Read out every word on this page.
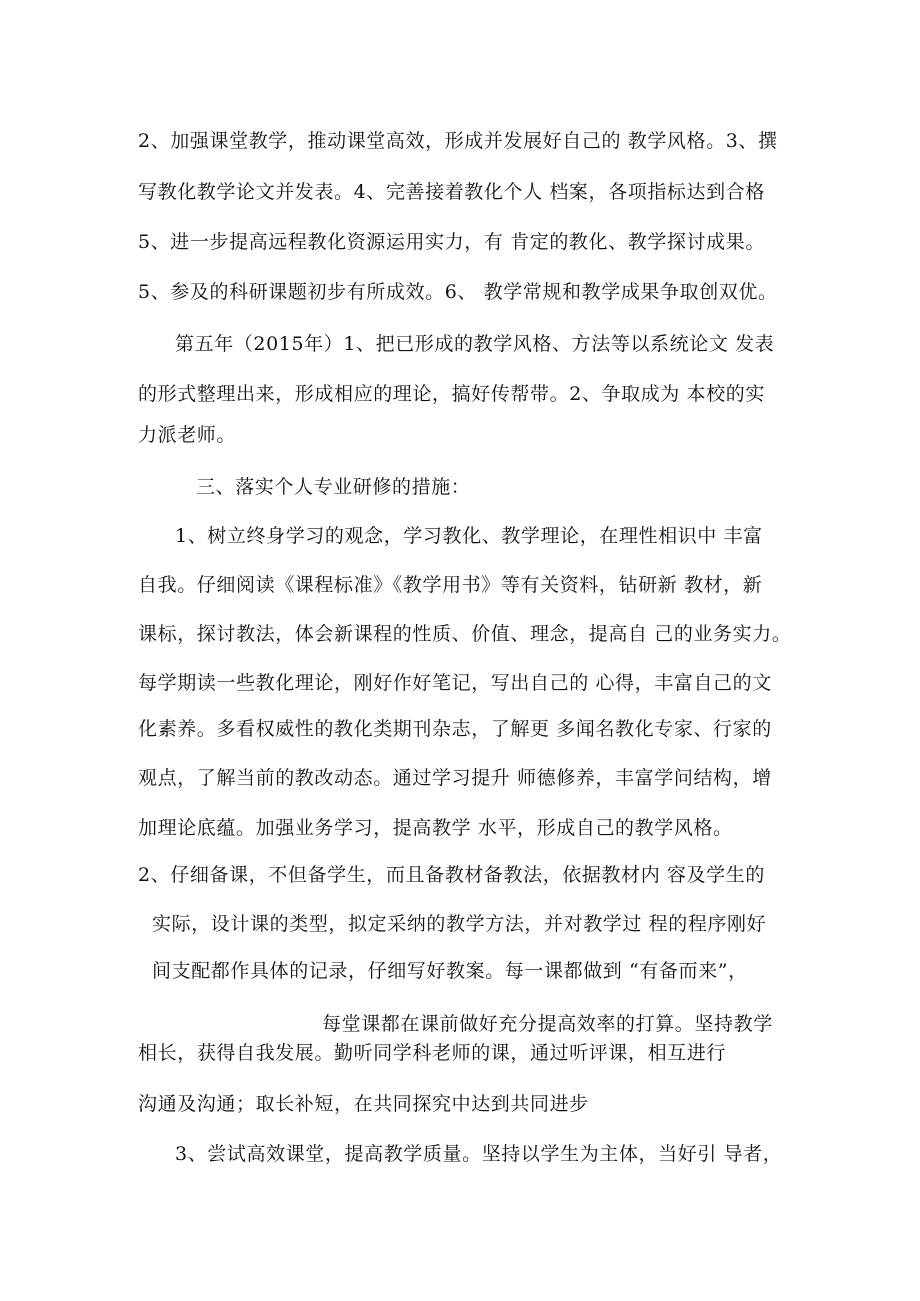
2、加强课堂教学，推动课堂高效，形成并发展好自己的 教学风格。3、撰
写教化教学论文并发表。4、完善接着教化个人 档案，各项指标达到合格
5、进一步提高远程教化资源运用实力，有 肯定的教化、教学探讨成果。
5、参及的科研课题初步有所成效。6、 教学常规和教学成果争取创双优。
第五年（2015年）1、把已形成的教学风格、方法等以系统论文 发表
的形式整理出来，形成相应的理论，搞好传帮带。2、争取成为 本校的实
力派老师。
三、落实个人专业研修的措施：
1、树立终身学习的观念，学习教化、教学理论，在理性相识中 丰富
自我。仔细阅读《课程标准》《教学用书》等有关资料，钻研新 教材，新
课标，探讨教法，体会新课程的性质、价值、理念，提高自 己的业务实力。
每学期读一些教化理论，刚好作好笔记，写出自己的 心得，丰富自己的文
化素养。多看权威性的教化类期刊杂志，了解更 多闻名教化专家、行家的
观点，了解当前的教改动态。通过学习提升 师德修养，丰富学问结构，增
加理论底蕴。加强业务学习，提高教学 水平，形成自己的教学风格。
2、仔细备课，不但备学生，而且备教材备教法，依据教材内 容及学生的
实际，设计课的类型，拟定采纳的教学方法，并对教学过 程的程序刚好
间支配都作具体的记录，仔细写好教案。每一课都做到 “有备而来”，
每堂课都在课前做好充分提高效率的打算。坚持教学
相长，获得自我发展。勤听同学科老师的课，通过听评课，相互进行
沟通及沟通；取长补短，在共同探究中达到共同进步
3、尝试高效课堂，提高教学质量。坚持以学生为主体，当好引 导者，
